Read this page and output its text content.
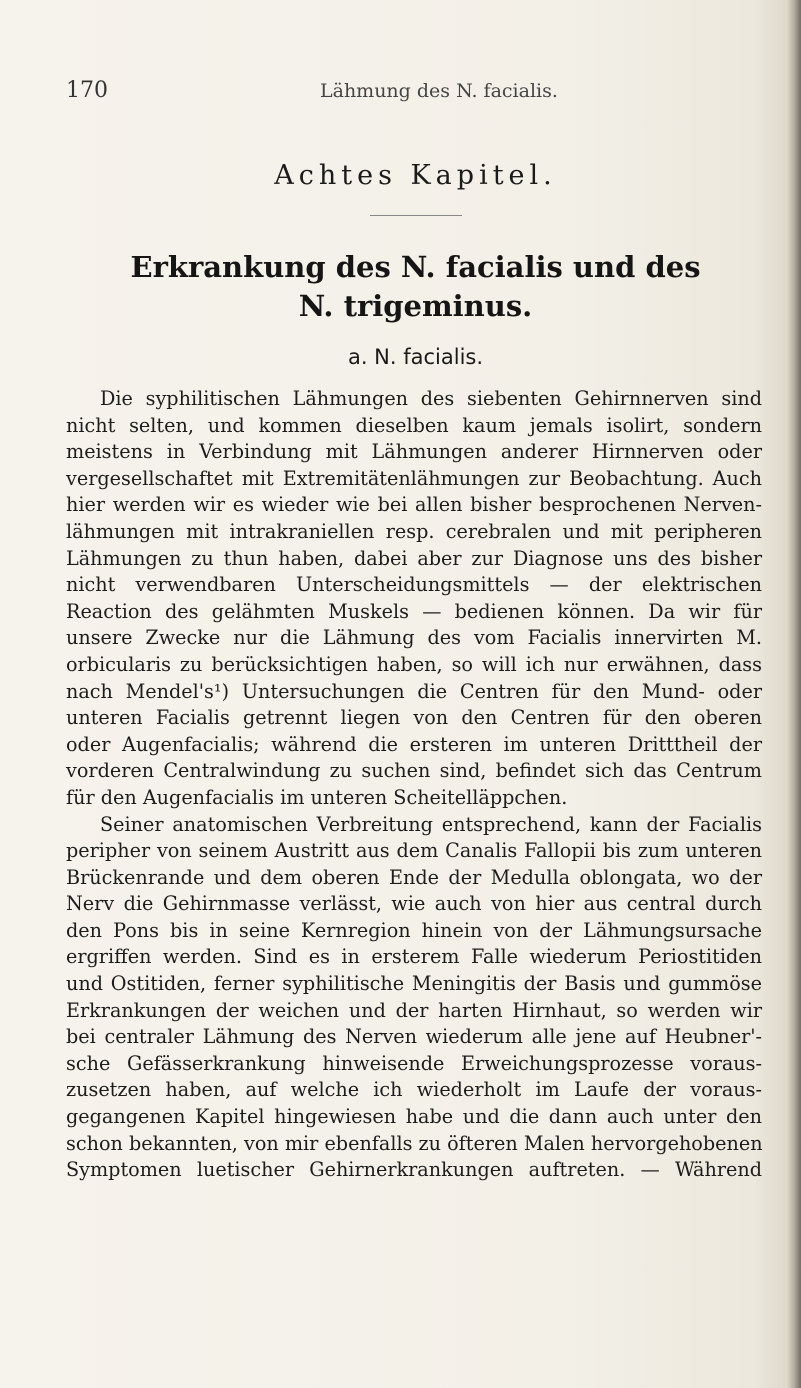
170	Lähmung des N. facialis.
Achtes Kapitel.
Erkrankung des N. facialis und des
N. trigeminus.
a. N. facialis.
Die syphilitischen Lähmungen des siebenten Gehirnnerven sind
nicht selten, und kommen dieselben kaum jemals isolirt, sondern
meistens in Verbindung mit Lähmungen anderer Hirnnerven oder
vergesellschaftet mit Extremitätenlähmungen zur Beobachtung. Auch
hier werden wir es wieder wie bei allen bisher besprochenen Nerven-
lähmungen mit intrakraniellen resp. cerebralen und mit peripheren
Lähmungen zu thun haben, dabei aber zur Diagnose uns des bisher
nicht verwendbaren Unterscheidungsmittels — der elektrischen
Reaction des gelähmten Muskels — bedienen können. Da wir für
unsere Zwecke nur die Lähmung des vom Facialis innervirten M.
orbicularis zu berücksichtigen haben, so will ich nur erwähnen, dass
nach Mendel's¹) Untersuchungen die Centren für den Mund- oder
unteren Facialis getrennt liegen von den Centren für den oberen
oder Augenfacialis; während die ersteren im unteren Dritttheil der
vorderen Centralwindung zu suchen sind, befindet sich das Centrum
für den Augenfacialis im unteren Scheitelläppchen.
Seiner anatomischen Verbreitung entsprechend, kann der Facialis
peripher von seinem Austritt aus dem Canalis Fallopii bis zum unteren
Brückenrande und dem oberen Ende der Medulla oblongata, wo der
Nerv die Gehirnmasse verlässt, wie auch von hier aus central durch
den Pons bis in seine Kernregion hinein von der Lähmungsursache
ergriffen werden. Sind es in ersterem Falle wiederum Periostitiden
und Ostitiden, ferner syphilitische Meningitis der Basis und gummöse
Erkrankungen der weichen und der harten Hirnhaut, so werden wir
bei centraler Lähmung des Nerven wiederum alle jene auf Heubner'-
sche Gefässerkrankung hinweisende Erweichungsprozesse voraus-
zusetzen haben, auf welche ich wiederholt im Laufe der voraus-
gegangenen Kapitel hingewiesen habe und die dann auch unter den
schon bekannten, von mir ebenfalls zu öfteren Malen hervorgehobenen
Symptomen luetischer Gehirnerkrankungen auftreten. — Während
